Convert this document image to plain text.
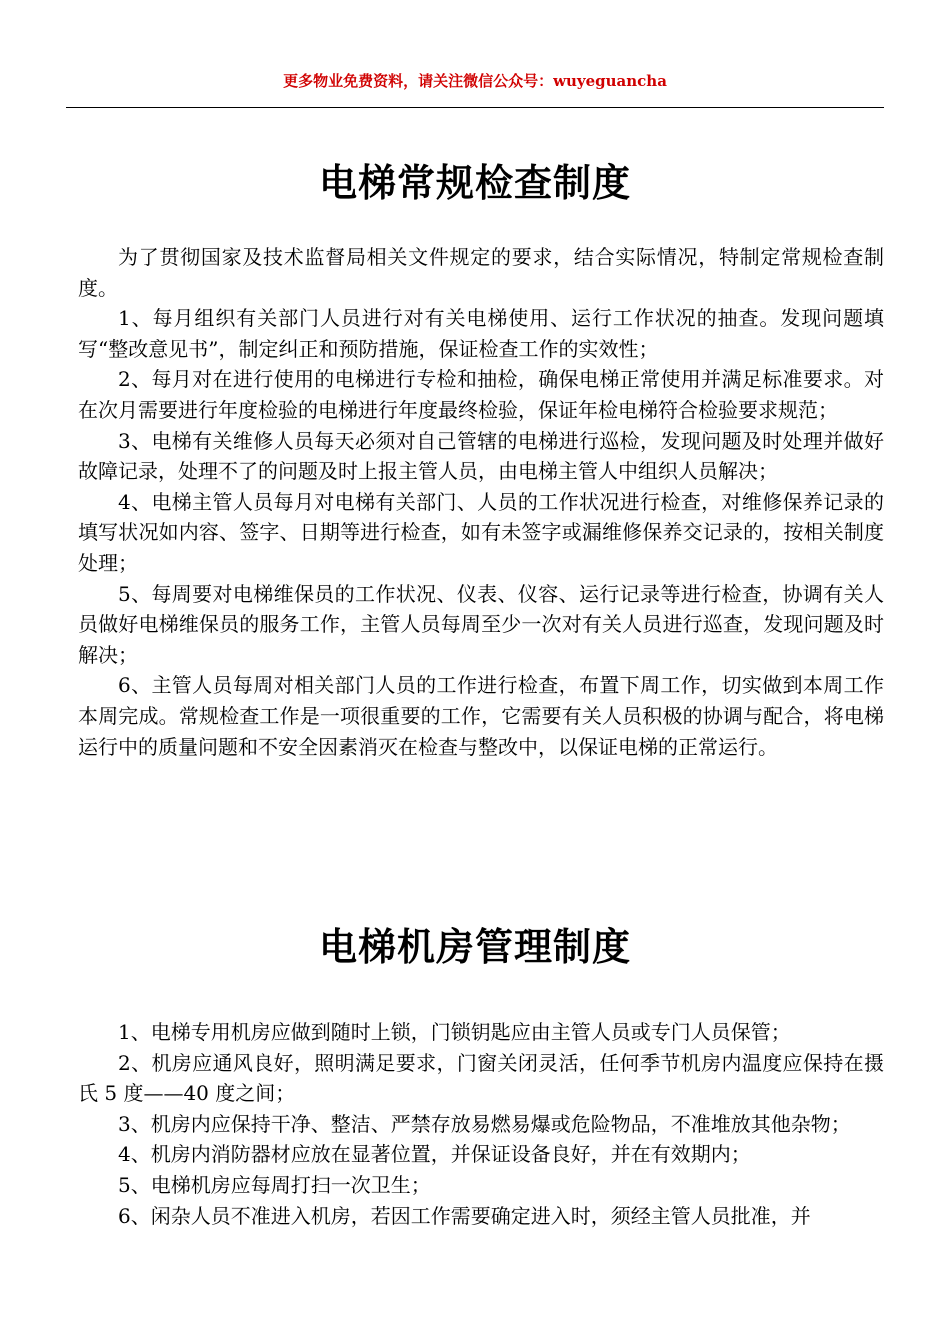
更多物业免费资料，请关注微信公众号：wuyeguancha
电梯常规检查制度

为了贯彻国家及技术监督局相关文件规定的要求，结合实际情况，特制定常规检查制度。

1、每月组织有关部门人员进行对有关电梯使用、运行工作状况的抽查。发现问题填写“整改意见书”，制定纠正和预防措施，保证检查工作的实效性；

2、每月对在进行使用的电梯进行专检和抽检，确保电梯正常使用并满足标准要求。对在次月需要进行年度检验的电梯进行年度最终检验，保证年检电梯符合检验要求规范；

3、电梯有关维修人员每天必须对自己管辖的电梯进行巡检，发现问题及时处理并做好故障记录，处理不了的问题及时上报主管人员，由电梯主管人中组织人员解决；

4、电梯主管人员每月对电梯有关部门、人员的工作状况进行检查，对维修保养记录的填写状况如内容、签字、日期等进行检查，如有未签字或漏维修保养交记录的，按相关制度处理；

5、每周要对电梯维保员的工作状况、仪表、仪容、运行记录等进行检查，协调有关人员做好电梯维保员的服务工作，主管人员每周至少一次对有关人员进行巡查，发现问题及时解决；

6、主管人员每周对相关部门人员的工作进行检查，布置下周工作，切实做到本周工作本周完成。常规检查工作是一项很重要的工作，它需要有关人员积极的协调与配合，将电梯运行中的质量问题和不安全因素消灭在检查与整改中，以保证电梯的正常运行。

电梯机房管理制度

1、电梯专用机房应做到随时上锁，门锁钥匙应由主管人员或专门人员保管；

2、机房应通风良好，照明满足要求，门窗关闭灵活，任何季节机房内温度应保持在摄氏 5 度——40 度之间；

3、机房内应保持干净、整洁、严禁存放易燃易爆或危险物品，不准堆放其他杂物；

4、机房内消防器材应放在显著位置，并保证设备良好，并在有效期内；

5、电梯机房应每周打扫一次卫生；

6、闲杂人员不准进入机房，若因工作需要确定进入时，须经主管人员批准，并
